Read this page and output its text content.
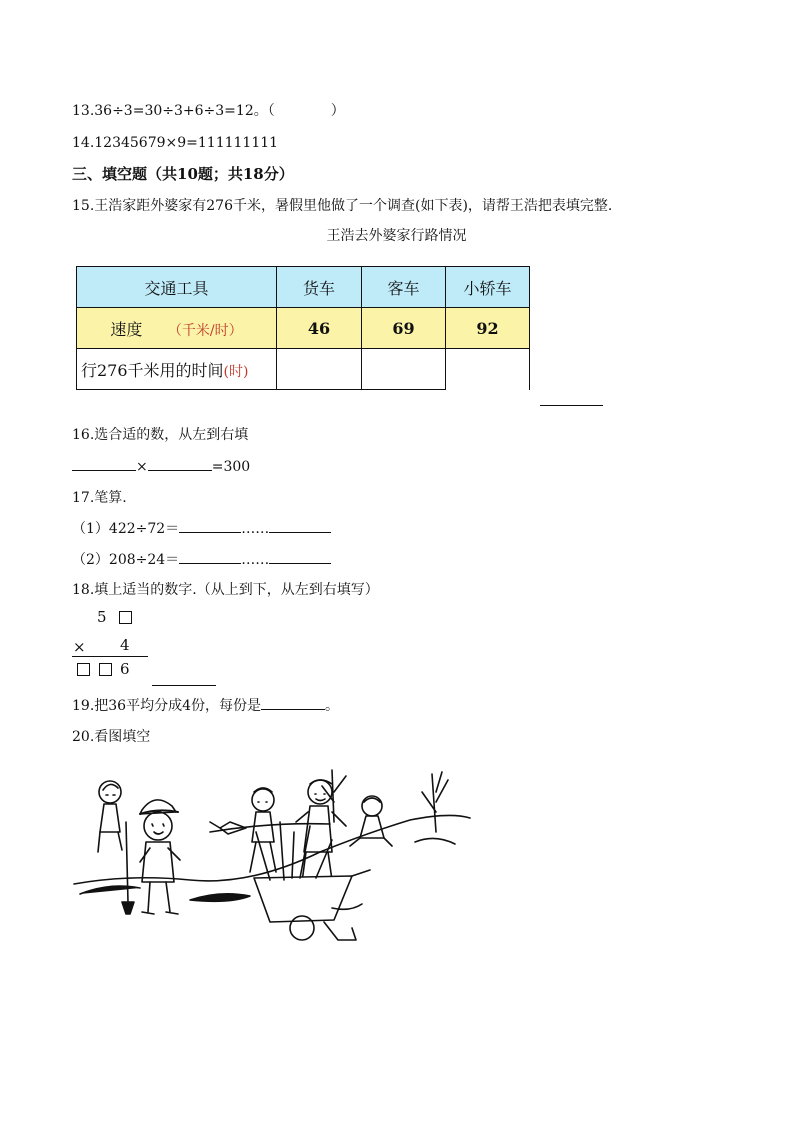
13.36÷3=30÷3+6÷3=12。（	）
14.12345679×9=111111111
三、填空题（共10题；共18分）
15.王浩家距外婆家有276千米，暑假里他做了一个调查(如下表)，请帮王浩把表填完整.
王浩去外婆家行路情况
交通工具	货车	客车	小轿车
速度 （千米/时）	46	69	92
行276千米用的时间(时)			
16.选合适的数，从左到右填
×	=300
17.笔算.
（1）422÷72＝	……
（2）208÷24＝	……
18.填上适当的数字.（从上到下，从左到右填写）
5
× 4
6
19.把36平均分成4份，每份是	。
20.看图填空
